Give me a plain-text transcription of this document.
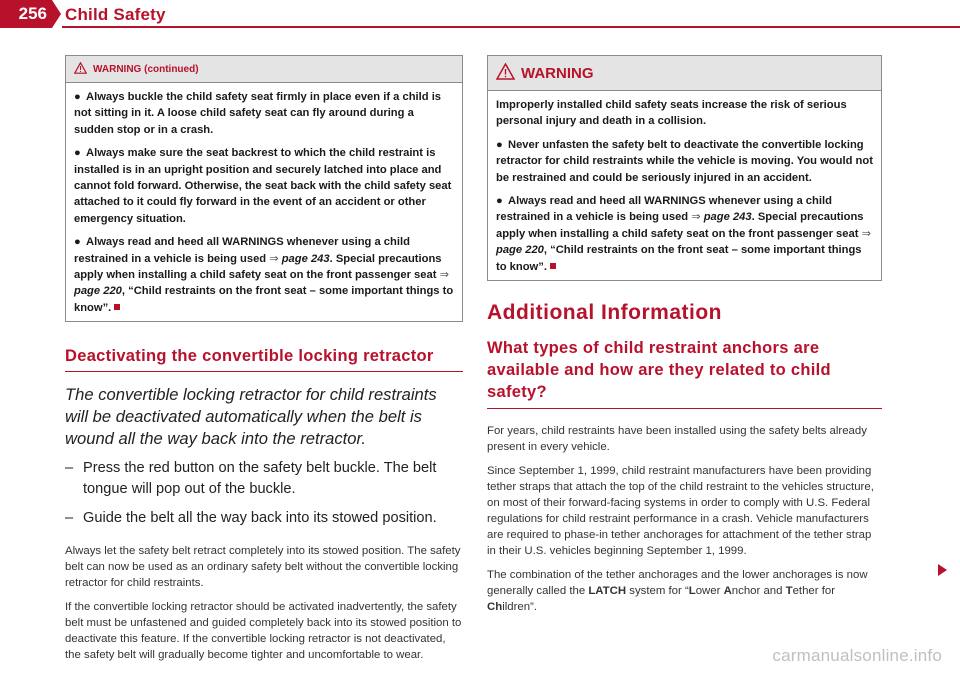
256 Child Safety
WARNING (continued)

● Always buckle the child safety seat firmly in place even if a child is not sitting in it. A loose child safety seat can fly around during a sudden stop or in a crash.

● Always make sure the seat backrest to which the child restraint is installed is in an upright position and securely latched into place and cannot fold forward. Otherwise, the seat back with the child safety seat attached to it could fly forward in the event of an accident or other emergency situation.

● Always read and heed all WARNINGS whenever using a child restrained in a vehicle is being used ⇒ page 243. Special precautions apply when installing a child safety seat on the front passenger seat ⇒ page 220, “Child restraints on the front seat – some important things to know”.

Deactivating the convertible locking retractor

The convertible locking retractor for child restraints will be deactivated automatically when the belt is wound all the way back into the retractor.

– Press the red button on the safety belt buckle. The belt tongue will pop out of the buckle.
– Guide the belt all the way back into its stowed position.

Always let the safety belt retract completely into its stowed position. The safety belt can now be used as an ordinary safety belt without the convertible locking retractor for child restraints.

If the convertible locking retractor should be activated inadvertently, the safety belt must be unfastened and guided completely back into its stowed position to deactivate this feature. If the convertible locking retractor is not deactivated, the safety belt will gradually become tighter and uncomfortable to wear.

WARNING

Improperly installed child safety seats increase the risk of serious personal injury and death in a collision.

● Never unfasten the safety belt to deactivate the convertible locking retractor for child restraints while the vehicle is moving. You would not be restrained and could be seriously injured in an accident.

● Always read and heed all WARNINGS whenever using a child restrained in a vehicle is being used ⇒ page 243. Special precautions apply when installing a child safety seat on the front passenger seat ⇒ page 220, “Child restraints on the front seat – some important things to know”.

Additional Information
What types of child restraint anchors are available and how are they related to child safety?

For years, child restraints have been installed using the safety belts already present in every vehicle.

Since September 1, 1999, child restraint manufacturers have been providing tether straps that attach the top of the child restraint to the vehicles structure, on most of their forward-facing systems in order to comply with U.S. Federal regulations for child restraint performance in a crash. Vehicle manufacturers are required to phase-in tether anchorages for attachment of the tether strap in their U.S. vehicles beginning September 1, 1999.

The combination of the tether anchorages and the lower anchorages is now generally called the LATCH system for “Lower Anchor and Tether for Children”.

carmanualsonline.info
